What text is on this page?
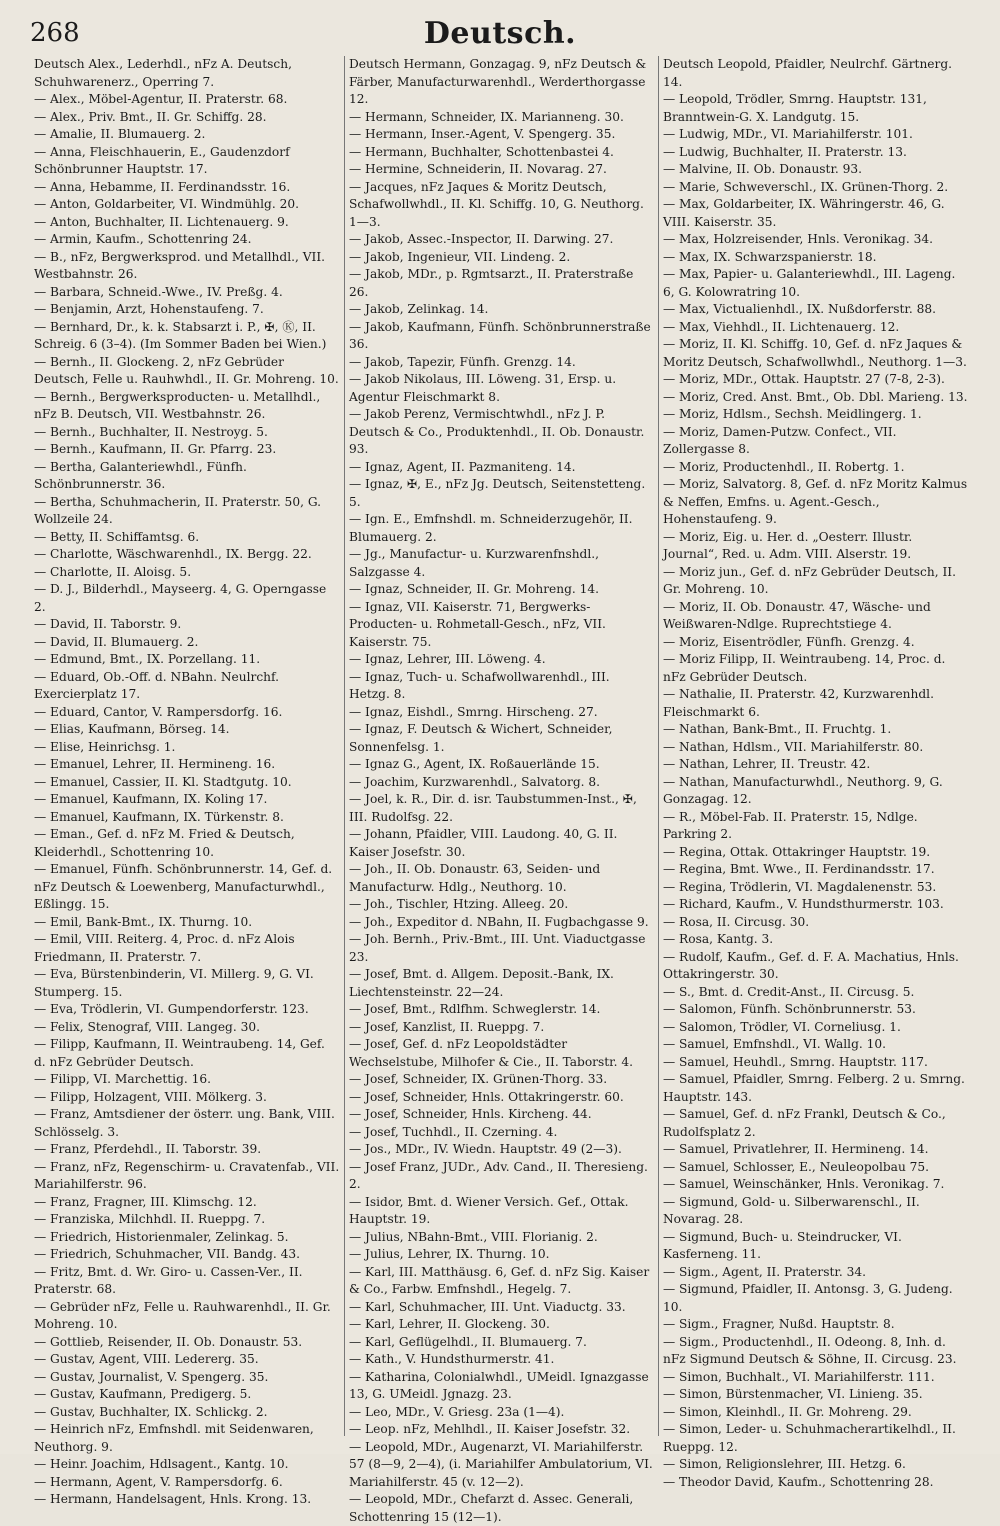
268	Deutsch.

Deutsch Alex., Lederhdl., nFz A. Deutsch, Schuhwarenerz., Operring 7.

— Alex., Möbel-Agentur, II. Praterstr. 68.

— Alex., Priv. Bmt., II. Gr. Schiffg. 28.

— Amalie, II. Blumauerg. 2.

— Anna, Fleischhauerin, E., Gaudenzdorf Schönbrunner Hauptstr. 17.

— Anna, Hebamme, II. Ferdinandsstr. 16.

— Anton, Goldarbeiter, VI. Windmühlg. 20.

— Anton, Buchhalter, II. Lichtenauerg. 9.

— Armin, Kaufm., Schottenring 24.

— B., nFz, Bergwerksprod. und Metallhdl., VII. Westbahnstr. 26.

— Barbara, Schneid.-Wwe., IV. Preßg. 4.

— Benjamin, Arzt, Hohenstaufeng. 7.

— Bernhard, Dr., k. k. Stabsarzt i. P., ✠, Ⓚ, II. Schreig. 6 (3–4). (Im Sommer Baden bei Wien.)

— Bernh., II. Glockeng. 2, nFz Gebrüder Deutsch, Felle u. Rauhwhdl., II. Gr. Mohreng. 10.

— Bernh., Bergwerksproducten- u. Metallhdl., nFz B. Deutsch, VII. Westbahnstr. 26.

— Bernh., Buchhalter, II. Nestroyg. 5.

— Bernh., Kaufmann, II. Gr. Pfarrg. 23.

— Bertha, Galanteriewhdl., Fünfh. Schönbrunnerstr. 36.

— Bertha, Schuhmacherin, II. Praterstr. 50, G. Wollzeile 24.

— Betty, II. Schiffamtsg. 6.

— Charlotte, Wäschwarenhdl., IX. Bergg. 22.

— Charlotte, II. Aloisg. 5.

— D. J., Bilderhdl., Mayseerg. 4, G. Operngasse 2.

— David, II. Taborstr. 9.

— David, II. Blumauerg. 2.

— Edmund, Bmt., IX. Porzellang. 11.

— Eduard, Ob.-Off. d. NBahn. Neulrchf. Exercierplatz 17.

— Eduard, Cantor, V. Rampersdorfg. 16.

— Elias, Kaufmann, Börseg. 14.

— Elise, Heinrichsg. 1.

— Emanuel, Lehrer, II. Hermineng. 16.

— Emanuel, Cassier, II. Kl. Stadtgutg. 10.

— Emanuel, Kaufmann, IX. Koling 17.

— Emanuel, Kaufmann, IX. Türkenstr. 8.

— Eman., Gef. d. nFz M. Fried & Deutsch, Kleiderhdl., Schottenring 10.

— Emanuel, Fünfh. Schönbrunnerstr. 14, Gef. d. nFz Deutsch & Loewenberg, Manufacturwhdl., Eßlingg. 15.

— Emil, Bank-Bmt., IX. Thurng. 10.

— Emil, VIII. Reiterg. 4, Proc. d. nFz Alois Friedmann, II. Praterstr. 7.

— Eva, Bürstenbinderin, VI. Millerg. 9, G. VI. Stumperg. 15.

— Eva, Trödlerin, VI. Gumpendorferstr. 123.

— Felix, Stenograf, VIII. Langeg. 30.

— Filipp, Kaufmann, II. Weintraubeng. 14, Gef. d. nFz Gebrüder Deutsch.

— Filipp, VI. Marchettig. 16.

— Filipp, Holzagent, VIII. Mölkerg. 3.

— Franz, Amtsdiener der österr. ung. Bank, VIII. Schlösselg. 3.

— Franz, Pferdehdl., II. Taborstr. 39.

— Franz, nFz, Regenschirm- u. Cravatenfab., VII. Mariahilferstr. 96.

— Franz, Fragner, III. Klimschg. 12.

— Franziska, Milchhdl. II. Rueppg. 7.

— Friedrich, Historienmaler, Zelinkag. 5.

— Friedrich, Schuhmacher, VII. Bandg. 43.

— Fritz, Bmt. d. Wr. Giro- u. Cassen-Ver., II. Praterstr. 68.

— Gebrüder nFz, Felle u. Rauhwarenhdl., II. Gr. Mohreng. 10.

— Gottlieb, Reisender, II. Ob. Donaustr. 53.

— Gustav, Agent, VIII. Ledererg. 35.

— Gustav, Journalist, V. Spengerg. 35.

— Gustav, Kaufmann, Predigerg. 5.

— Gustav, Buchhalter, IX. Schlickg. 2.

— Heinrich nFz, Emfnshdl. mit Seidenwaren, Neuthorg. 9.

— Heinr. Joachim, Hdlsagent., Kantg. 10.

— Hermann, Agent, V. Rampersdorfg. 6.

— Hermann, Handelsagent, Hnls. Krong. 13.

Deutsch Hermann, Gonzagag. 9, nFz Deutsch & Färber, Manufacturwarenhdl., Werderthorgasse 12.

— Hermann, Schneider, IX. Marianneng. 30.

— Hermann, Inser.-Agent, V. Spengerg. 35.

— Hermann, Buchhalter, Schottenbastei 4.

— Hermine, Schneiderin, II. Novarag. 27.

— Jacques, nFz Jaques & Moritz Deutsch, Schafwollwhdl., II. Kl. Schiffg. 10, G. Neuthorg. 1—3.

— Jakob, Assec.-Inspector, II. Darwing. 27.

— Jakob, Ingenieur, VII. Lindeng. 2.

— Jakob, MDr., p. Rgmtsarzt., II. Praterstraße 26.

— Jakob, Zelinkag. 14.

— Jakob, Kaufmann, Fünfh. Schönbrunnerstraße 36.

— Jakob, Tapezir, Fünfh. Grenzg. 14.

— Jakob Nikolaus, III. Löweng. 31, Ersp. u. Agentur Fleischmarkt 8.

— Jakob Perenz, Vermischtwhdl., nFz J. P. Deutsch & Co., Produktenhdl., II. Ob. Donaustr. 93.

— Ignaz, Agent, II. Pazmaniteng. 14.

— Ignaz, ✠, E., nFz Jg. Deutsch, Seitenstetteng. 5.

— Ign. E., Emfnshdl. m. Schneiderzugehör, II. Blumauerg. 2.

— Jg., Manufactur- u. Kurzwarenfnshdl., Salzgasse 4.

— Ignaz, Schneider, II. Gr. Mohreng. 14.

— Ignaz, VII. Kaiserstr. 71, Bergwerks-Producten- u. Rohmetall-Gesch., nFz, VII. Kaiserstr. 75.

— Ignaz, Lehrer, III. Löweng. 4.

— Ignaz, Tuch- u. Schafwollwarenhdl., III. Hetzg. 8.

— Ignaz, Eishdl., Smrng. Hirscheng. 27.

— Ignaz, F. Deutsch & Wichert, Schneider, Sonnenfelsg. 1.

— Ignaz G., Agent, IX. Roßauerlände 15.

— Joachim, Kurzwarenhdl., Salvatorg. 8.

— Joel, k. R., Dir. d. isr. Taubstummen-Inst., ✠, III. Rudolfsg. 22.

— Johann, Pfaidler, VIII. Laudong. 40, G. II. Kaiser Josefstr. 30.

— Joh., II. Ob. Donaustr. 63, Seiden- und Manufacturw. Hdlg., Neuthorg. 10.

— Joh., Tischler, Htzing. Alleeg. 20.

— Joh., Expeditor d. NBahn, II. Fugbachgasse 9.

— Joh. Bernh., Priv.-Bmt., III. Unt. Viaductgasse 23.

— Josef, Bmt. d. Allgem. Deposit.-Bank, IX. Liechtensteinstr. 22—24.

— Josef, Bmt., Rdlfhm. Schweglerstr. 14.

— Josef, Kanzlist, II. Rueppg. 7.

— Josef, Gef. d. nFz Leopoldstädter Wechselstube, Milhofer & Cie., II. Taborstr. 4.

— Josef, Schneider, IX. Grünen-Thorg. 33.

— Josef, Schneider, Hnls. Ottakringerstr. 60.

— Josef, Schneider, Hnls. Kircheng. 44.

— Josef, Tuchhdl., II. Czerning. 4.

— Jos., MDr., IV. Wiedn. Hauptstr. 49 (2—3).

— Josef Franz, JUDr., Adv. Cand., II. Theresieng. 2.

— Isidor, Bmt. d. Wiener Versich. Gef., Ottak. Hauptstr. 19.

— Julius, NBahn-Bmt., VIII. Florianig. 2.

— Julius, Lehrer, IX. Thurng. 10.

— Karl, III. Matthäusg. 6, Gef. d. nFz Sig. Kaiser & Co., Farbw. Emfnshdl., Hegelg. 7.

— Karl, Schuhmacher, III. Unt. Viaductg. 33.

— Karl, Lehrer, II. Glockeng. 30.

— Karl, Geflügelhdl., II. Blumauerg. 7.

— Kath., V. Hundsthurmerstr. 41.

— Katharina, Colonialwhdl., UMeidl. Ignazgasse 13, G. UMeidl. Jgnazg. 23.

— Leo, MDr., V. Griesg. 23a (1—4).

— Leop. nFz, Mehlhdl., II. Kaiser Josefstr. 32.

— Leopold, MDr., Augenarzt, VI. Mariahilferstr. 57 (8—9, 2—4), (i. Mariahilfer Ambulatorium, VI. Mariahilferstr. 45 (v. 12—2).

— Leopold, MDr., Chefarzt d. Assec. Generali, Schottenring 15 (12—1).

Deutsch Leopold, Pfaidler, Neulrchf. Gärtnerg. 14.

— Leopold, Trödler, Smrng. Hauptstr. 131, Branntwein-G. X. Landgutg. 15.

— Ludwig, MDr., VI. Mariahilferstr. 101.

— Ludwig, Buchhalter, II. Praterstr. 13.

— Malvine, II. Ob. Donaustr. 93.

— Marie, Schweverschl., IX. Grünen-Thorg. 2.

— Max, Goldarbeiter, IX. Währingerstr. 46, G. VIII. Kaiserstr. 35.

— Max, Holzreisender, Hnls. Veronikag. 34.

— Max, IX. Schwarzspanierstr. 18.

— Max, Papier- u. Galanteriewhdl., III. Lageng. 6, G. Kolowratring 10.

— Max, Victualienhdl., IX. Nußdorferstr. 88.

— Max, Viehhdl., II. Lichtenauerg. 12.

— Moriz, II. Kl. Schiffg. 10, Gef. d. nFz Jaques & Moritz Deutsch, Schafwollwhdl., Neuthorg. 1—3.

— Moriz, MDr., Ottak. Hauptstr. 27 (7-8, 2-3).

— Moriz, Cred. Anst. Bmt., Ob. Dbl. Marieng. 13.

— Moriz, Hdlsm., Sechsh. Meidlingerg. 1.

— Moriz, Damen-Putzw. Confect., VII. Zollergasse 8.

— Moriz, Productenhdl., II. Robertg. 1.

— Moriz, Salvatorg. 8, Gef. d. nFz Moritz Kalmus & Neffen, Emfns. u. Agent.-Gesch., Hohenstaufeng. 9.

— Moriz, Eig. u. Her. d. „Oesterr. Illustr. Journal“, Red. u. Adm. VIII. Alserstr. 19.

— Moriz jun., Gef. d. nFz Gebrüder Deutsch, II. Gr. Mohreng. 10.

— Moriz, II. Ob. Donaustr. 47, Wäsche- und Weißwaren-Ndlge. Ruprechtstiege 4.

— Moriz, Eisentrödler, Fünfh. Grenzg. 4.

— Moriz Filipp, II. Weintraubeng. 14, Proc. d. nFz Gebrüder Deutsch.

— Nathalie, II. Praterstr. 42, Kurzwarenhdl. Fleischmarkt 6.

— Nathan, Bank-Bmt., II. Fruchtg. 1.

— Nathan, Hdlsm., VII. Mariahilferstr. 80.

— Nathan, Lehrer, II. Treustr. 42.

— Nathan, Manufacturwhdl., Neuthorg. 9, G. Gonzagag. 12.

— R., Möbel-Fab. II. Praterstr. 15, Ndlge. Parkring 2.

— Regina, Ottak. Ottakringer Hauptstr. 19.

— Regina, Bmt. Wwe., II. Ferdinandsstr. 17.

— Regina, Trödlerin, VI. Magdalenenstr. 53.

— Richard, Kaufm., V. Hundsthurmerstr. 103.

— Rosa, II. Circusg. 30.

— Rosa, Kantg. 3.

— Rudolf, Kaufm., Gef. d. F. A. Machatius, Hnls. Ottakringerstr. 30.

— S., Bmt. d. Credit-Anst., II. Circusg. 5.

— Salomon, Fünfh. Schönbrunnerstr. 53.

— Salomon, Trödler, VI. Corneliusg. 1.

— Samuel, Emfnshdl., VI. Wallg. 10.

— Samuel, Heuhdl., Smrng. Hauptstr. 117.

— Samuel, Pfaidler, Smrng. Felberg. 2 u. Smrng. Hauptstr. 143.

— Samuel, Gef. d. nFz Frankl, Deutsch & Co., Rudolfsplatz 2.

— Samuel, Privatlehrer, II. Hermineng. 14.

— Samuel, Schlosser, E., Neuleopolbau 75.

— Samuel, Weinschänker, Hnls. Veronikag. 7.

— Sigmund, Gold- u. Silberwarenschl., II. Novarag. 28.

— Sigmund, Buch- u. Steindrucker, VI. Kasferneng. 11.

— Sigm., Agent, II. Praterstr. 34.

— Sigmund, Pfaidler, II. Antonsg. 3, G. Judeng. 10.

— Sigm., Fragner, Nußd. Hauptstr. 8.

— Sigm., Productenhdl., II. Odeong. 8, Inh. d. nFz Sigmund Deutsch & Söhne, II. Circusg. 23.

— Simon, Buchhalt., VI. Mariahilferstr. 111.

— Simon, Bürstenmacher, VI. Linieng. 35.

— Simon, Kleinhdl., II. Gr. Mohreng. 29.

— Simon, Leder- u. Schuhmacherartikelhdl., II. Rueppg. 12.

— Simon, Religionslehrer, III. Hetzg. 6.

— Theodor David, Kaufm., Schottenring 28.
